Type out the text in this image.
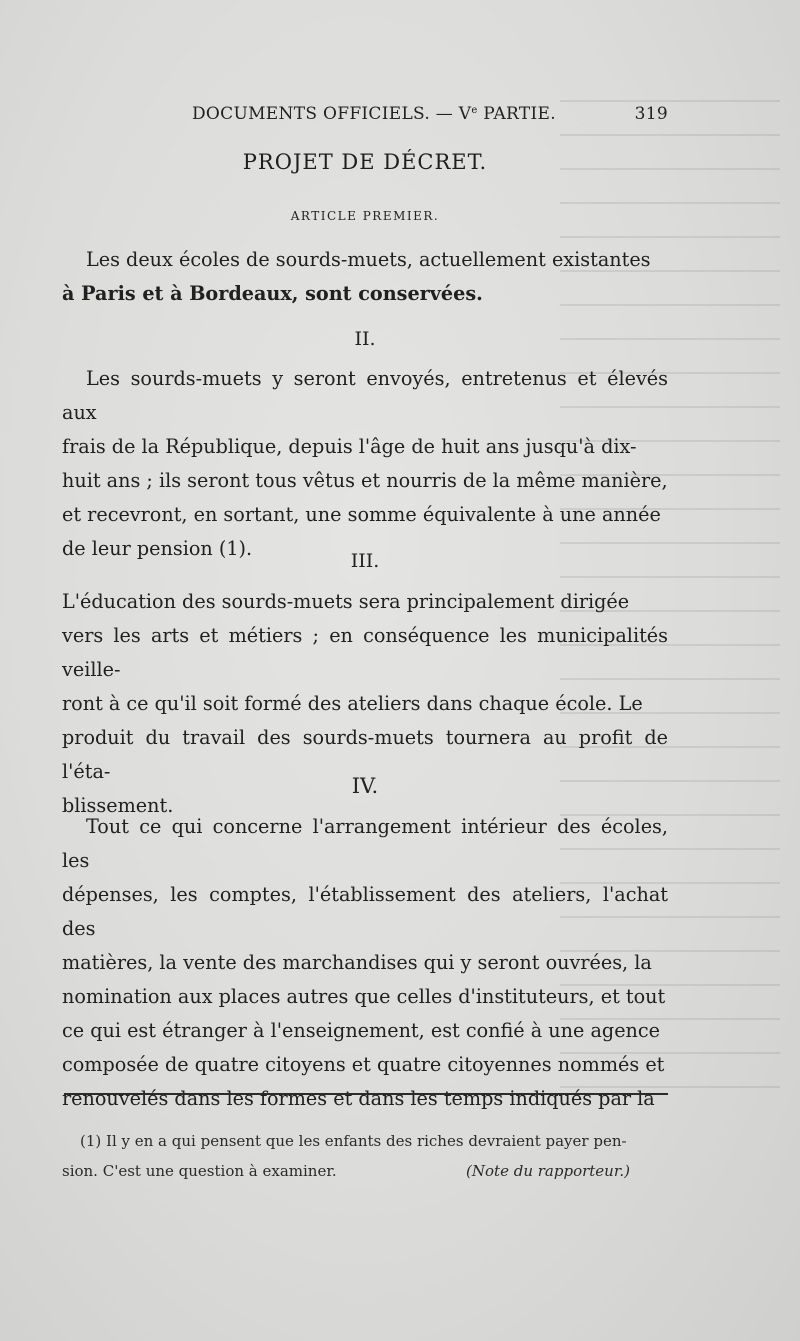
DOCUMENTS OFFICIELS. — Ve PARTIE.	319
PROJET DE DÉCRET.
ARTICLE PREMIER.
Les deux écoles de sourds-muets, actuellement existantes
à Paris et à Bordeaux, sont conservées.
II.
Les sourds-muets y seront envoyés, entretenus et élevés aux
frais de la République, depuis l'âge de huit ans jusqu'à dix-
huit ans ; ils seront tous vêtus et nourris de la même manière,
et recevront, en sortant, une somme équivalente à une année
de leur pension (1).
III.
L'éducation des sourds-muets sera principalement dirigée
vers les arts et métiers ; en conséquence les municipalités veille-
ront à ce qu'il soit formé des ateliers dans chaque école. Le
produit du travail des sourds-muets tournera au profit de l'éta-
blissement.
IV.
Tout ce qui concerne l'arrangement intérieur des écoles, les
dépenses, les comptes, l'établissement des ateliers, l'achat des
matières, la vente des marchandises qui y seront ouvrées, la
nomination aux places autres que celles d'instituteurs, et tout
ce qui est étranger à l'enseignement, est confié à une agence
composée de quatre citoyens et quatre citoyennes nommés et
renouvelés dans les formes et dans les temps indiqués par la
(1) Il y en a qui pensent que les enfants des riches devraient payer pen-
sion. C'est une question à examiner.	(Note du rapporteur.)
